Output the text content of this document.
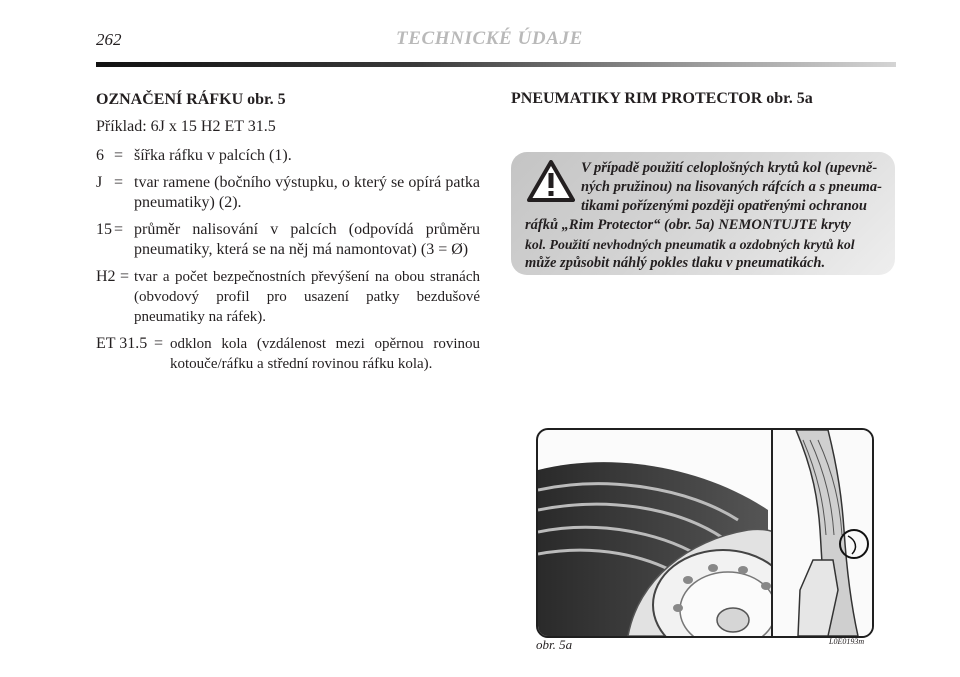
262	TECHNICKÉ ÚDAJE
OZNAČENÍ RÁFKU obr. 5
Příklad: 6J x 15 H2 ET 31.5
6 = šířka ráfku v palcích (1).
J = tvar ramene (bočního výstupku, o který se opírá patka pneumatiky) (2).
15 = průměr nalisování v palcích (odpovídá průměru pneumatiky, která se na něj má namontovat) (3 = Ø)
H2 = tvar a počet bezpečnostních převýšení na obou stranách (obvodový profil pro usazení patky bezdušové pneumatiky na ráfek).
ET 31.5 = odklon kola (vzdálenost mezi opěrnou rovinou kotouče/ráfku a střední rovinou ráfku kola).
PNEUMATIKY RIM PROTECTOR obr. 5a
V případě použití celoplošných krytů kol (upevně-
ných pružinou) na lisovaných ráfcích a s pneuma-
tikami pořízenými později opatřenými ochranou
ráfků „Rim Protector“ (obr. 5a) NEMONTUJTE kryty
kol. Použití nevhodných pneumatik a ozdobných krytů kol
může způsobit náhlý pokles tlaku v pneumatikách.
obr. 5a	L0E0193m
